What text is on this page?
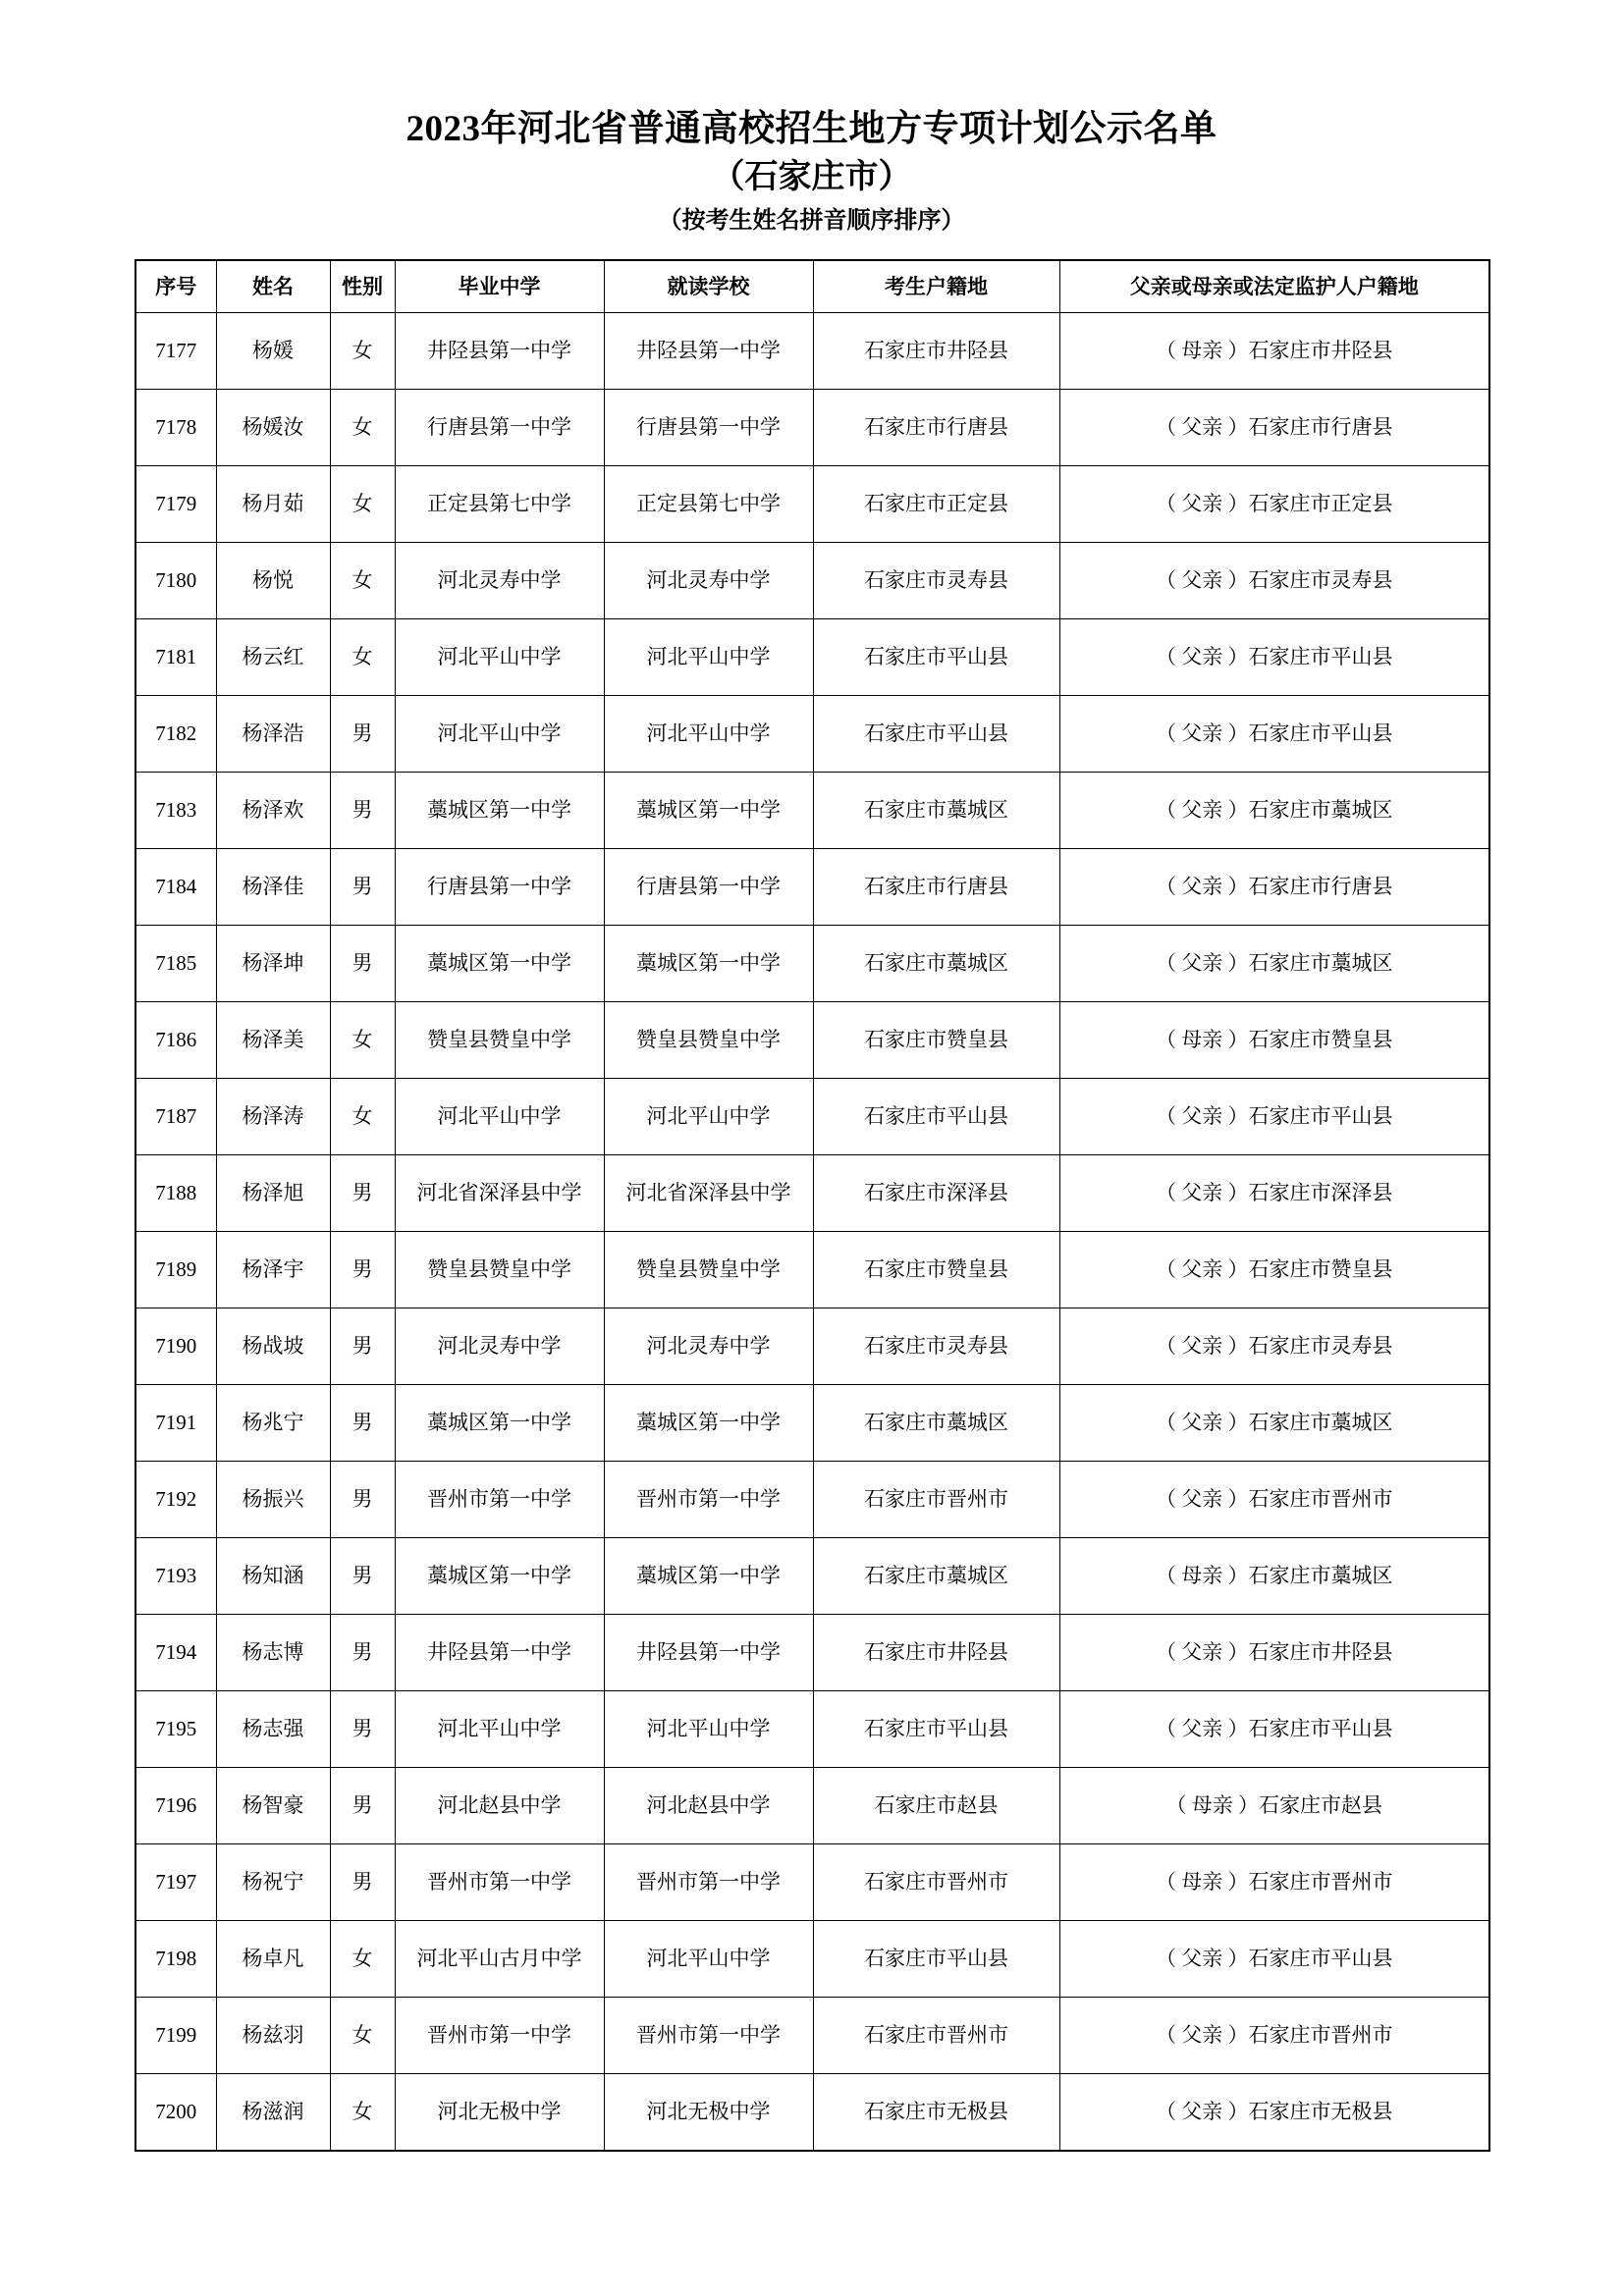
2023年河北省普通高校招生地方专项计划公示名单
（石家庄市）
（按考生姓名拼音顺序排序）
序号	姓名	性别	毕业中学	就读学校	考生户籍地	父亲或母亲或法定监护人户籍地
7177	杨媛	女	井陉县第一中学	井陉县第一中学	石家庄市井陉县	（ 母亲 ）石家庄市井陉县
7178	杨媛汝	女	行唐县第一中学	行唐县第一中学	石家庄市行唐县	（ 父亲 ）石家庄市行唐县
7179	杨月茹	女	正定县第七中学	正定县第七中学	石家庄市正定县	（ 父亲 ）石家庄市正定县
7180	杨悦	女	河北灵寿中学	河北灵寿中学	石家庄市灵寿县	（ 父亲 ）石家庄市灵寿县
7181	杨云红	女	河北平山中学	河北平山中学	石家庄市平山县	（ 父亲 ）石家庄市平山县
7182	杨泽浩	男	河北平山中学	河北平山中学	石家庄市平山县	（ 父亲 ）石家庄市平山县
7183	杨泽欢	男	藁城区第一中学	藁城区第一中学	石家庄市藁城区	（ 父亲 ）石家庄市藁城区
7184	杨泽佳	男	行唐县第一中学	行唐县第一中学	石家庄市行唐县	（ 父亲 ）石家庄市行唐县
7185	杨泽坤	男	藁城区第一中学	藁城区第一中学	石家庄市藁城区	（ 父亲 ）石家庄市藁城区
7186	杨泽美	女	赞皇县赞皇中学	赞皇县赞皇中学	石家庄市赞皇县	（ 母亲 ）石家庄市赞皇县
7187	杨泽涛	女	河北平山中学	河北平山中学	石家庄市平山县	（ 父亲 ）石家庄市平山县
7188	杨泽旭	男	河北省深泽县中学	河北省深泽县中学	石家庄市深泽县	（ 父亲 ）石家庄市深泽县
7189	杨泽宇	男	赞皇县赞皇中学	赞皇县赞皇中学	石家庄市赞皇县	（ 父亲 ）石家庄市赞皇县
7190	杨战坡	男	河北灵寿中学	河北灵寿中学	石家庄市灵寿县	（ 父亲 ）石家庄市灵寿县
7191	杨兆宁	男	藁城区第一中学	藁城区第一中学	石家庄市藁城区	（ 父亲 ）石家庄市藁城区
7192	杨振兴	男	晋州市第一中学	晋州市第一中学	石家庄市晋州市	（ 父亲 ）石家庄市晋州市
7193	杨知涵	男	藁城区第一中学	藁城区第一中学	石家庄市藁城区	（ 母亲 ）石家庄市藁城区
7194	杨志博	男	井陉县第一中学	井陉县第一中学	石家庄市井陉县	（ 父亲 ）石家庄市井陉县
7195	杨志强	男	河北平山中学	河北平山中学	石家庄市平山县	（ 父亲 ）石家庄市平山县
7196	杨智豪	男	河北赵县中学	河北赵县中学	石家庄市赵县	（ 母亲 ）石家庄市赵县
7197	杨祝宁	男	晋州市第一中学	晋州市第一中学	石家庄市晋州市	（ 母亲 ）石家庄市晋州市
7198	杨卓凡	女	河北平山古月中学	河北平山中学	石家庄市平山县	（ 父亲 ）石家庄市平山县
7199	杨兹羽	女	晋州市第一中学	晋州市第一中学	石家庄市晋州市	（ 父亲 ）石家庄市晋州市
7200	杨滋润	女	河北无极中学	河北无极中学	石家庄市无极县	（ 父亲 ）石家庄市无极县
